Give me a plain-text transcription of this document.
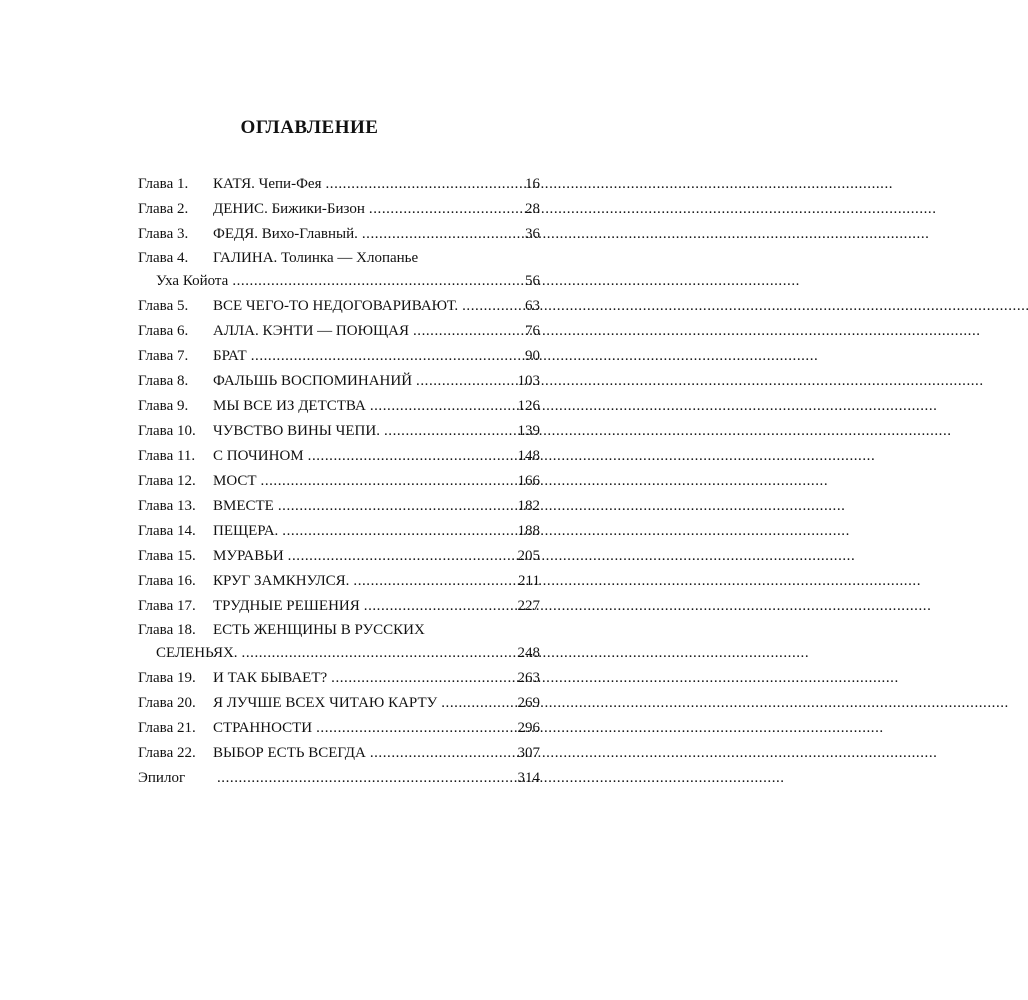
ОГЛАВЛЕНИЕ
Глава 1.	КАТЯ. Чепи-Фея . . .	16
Глава 2.	ДЕНИС. Бижики-Бизон . . .	28
Глава 3.	ФЕДЯ. Вихо-Главный. . . .	36
Глава 4.	ГАЛИНА. Толинка — Хлопанье
Уха Койота . . .	56
Глава 5.	ВСЕ ЧЕГО-ТО НЕДОГОВАРИВАЮТ. . . .	63
Глава 6.	АЛЛА. КЭНТИ — ПОЮЩАЯ . . .	76
Глава 7.	БРАТ . . .	90
Глава 8.	ФАЛЬШЬ ВОСПОМИНАНИЙ . . .	103
Глава 9.	МЫ ВСЕ ИЗ ДЕТСТВА . . .	126
Глава 10.	ЧУВСТВО ВИНЫ ЧЕПИ. . . .	139
Глава 11.	С ПОЧИНОМ . . .	148
Глава 12.	МОСТ . . .	166
Глава 13.	ВМЕСТЕ . . .	182
Глава 14.	ПЕЩЕРА. . . .	188
Глава 15.	МУРАВЬИ . . .	205
Глава 16.	КРУГ ЗАМКНУЛСЯ. . . .	211
Глава 17.	ТРУДНЫЕ РЕШЕНИЯ . . .	227
Глава 18.	ЕСТЬ ЖЕНЩИНЫ В РУССКИХ
СЕЛЕНЬЯХ. . . .	248
Глава 19.	И ТАК БЫВАЕТ? . . .	263
Глава 20.	Я ЛУЧШЕ ВСЕХ ЧИТАЮ КАРТУ . . .	269
Глава 21.	СТРАННОСТИ . . .	296
Глава 22.	ВЫБОР ЕСТЬ ВСЕГДА . . .	307
Эпилог . . .	314
